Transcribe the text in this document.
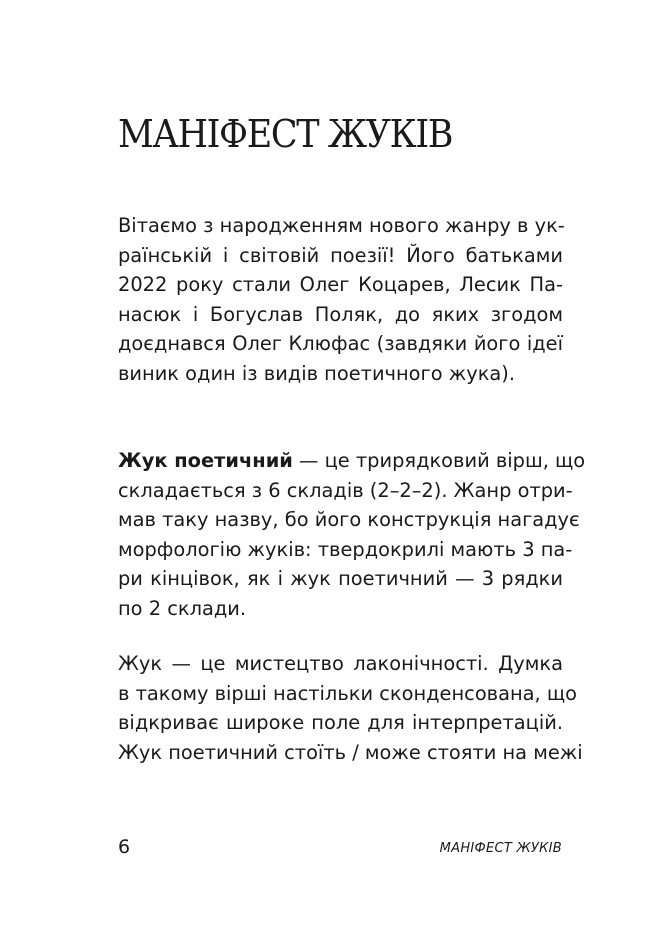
МАНІФЕСТ ЖУКІВ

Вітаємо з народженням нового жанру в ук-
раїнській і світовій поезії! Його батьками
2022 року стали Олег Коцарев, Лесик Па-
насюк і Богуслав Поляк, до яких згодом
доєднався Олег Клюфас (завдяки його ідеї
виник один із видів поетичного жука).

Жук поетичний — це трирядковий вірш, що
складається з 6 складів (2–2–2). Жанр отри-
мав таку назву, бо його конструкція нагадує
морфологію жуків: твердокрилі мають 3 па-
ри кінцівок, як і жук поетичний — 3 рядки
по 2 склади.

Жук — це мистецтво лаконічності. Думка
в такому вірші настільки сконденсована, що
відкриває широке поле для інтерпретацій.
Жук поетичний стоїть / може стояти на межі

6	МАНІФЕСТ ЖУКІВ
